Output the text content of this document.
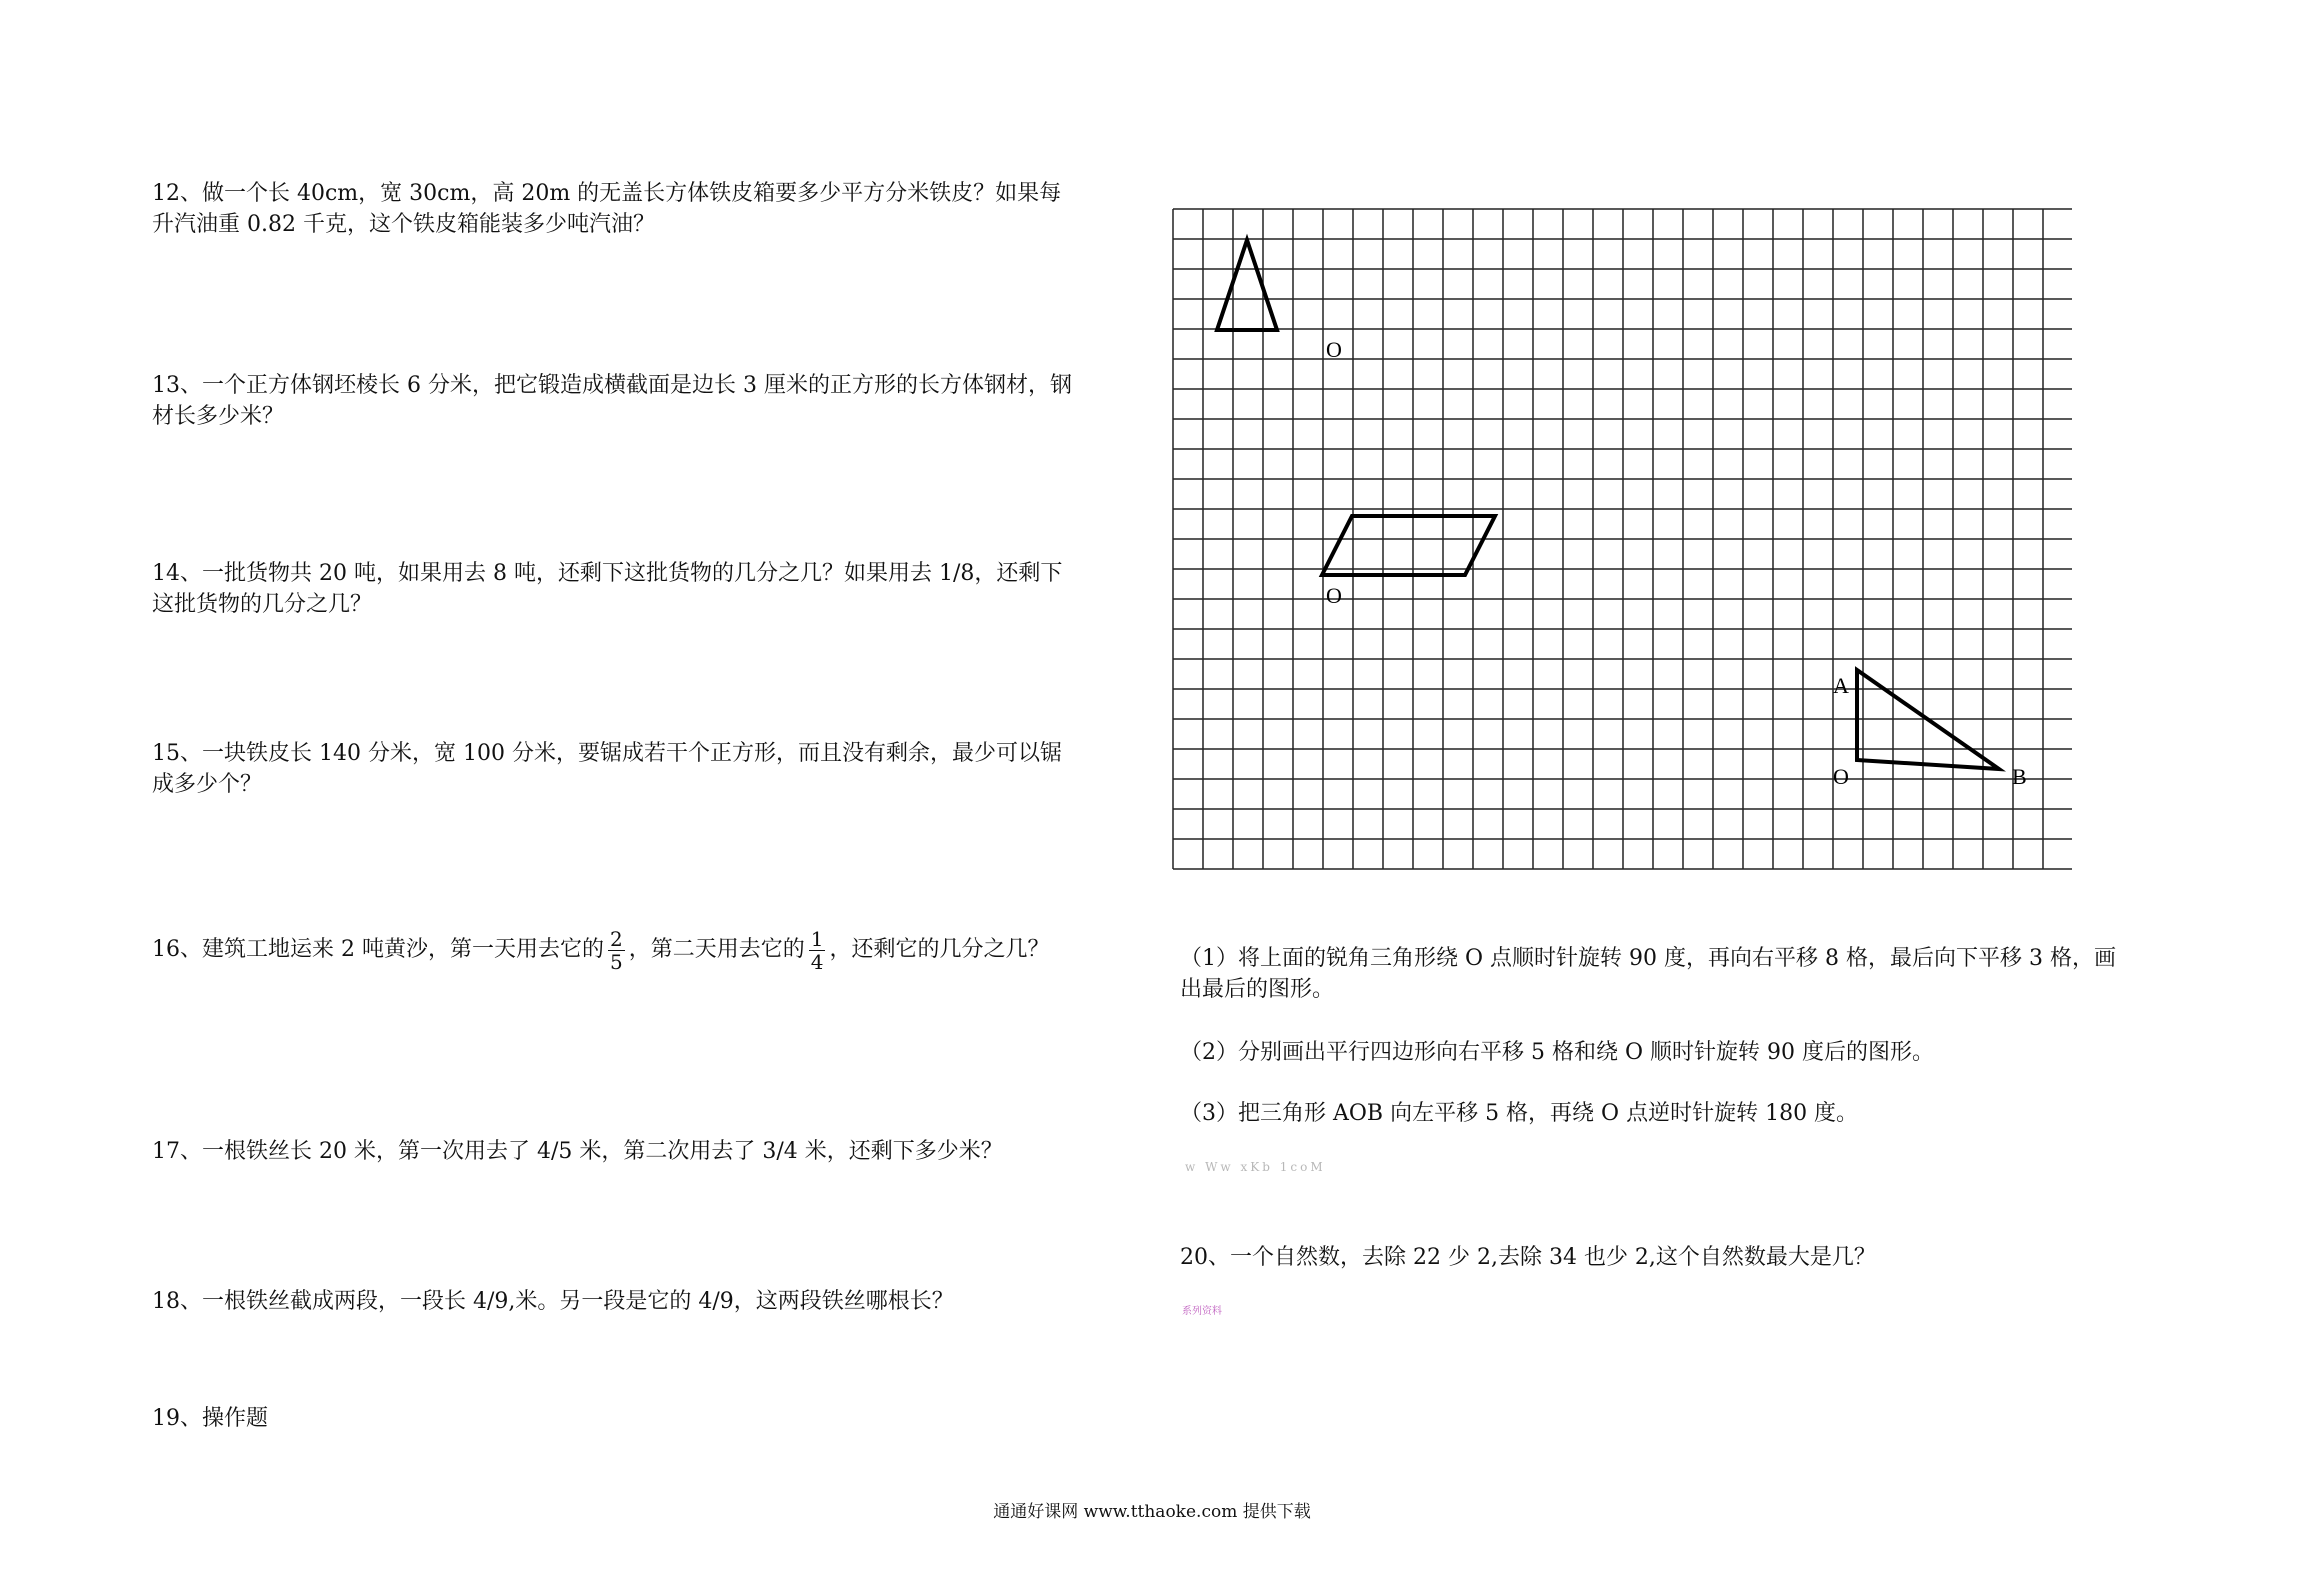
12、做一个长 40cm，宽 30cm，高 20m 的无盖长方体铁皮箱要多少平方分米铁皮？如果每升汽油重 0.82 千克，这个铁皮箱能装多少吨汽油？

13、一个正方体钢坯棱长 6 分米，把它锻造成横截面是边长 3 厘米的正方形的长方体钢材，钢材长多少米？

14、一批货物共 20 吨，如果用去 8 吨，还剩下这批货物的几分之几？如果用去 1/8，还剩下这批货物的几分之几？

15、一块铁皮长 140 分米，宽 100 分米，要锯成若干个正方形，而且没有剩余，最少可以锯成多少个？

16、建筑工地运来 2 吨黄沙，第一天用去它的 $\frac{2}{5}$ ，第二天用去它的 $\frac{1}{4}$ ，还剩它的几分之几？

17、一根铁丝长 20 米，第一次用去了 4/5 米，第二次用去了 3/4 米，还剩下多少米？

18、一根铁丝截成两段，一段长 4/9,米。另一段是它的 4/9，这两段铁丝哪根长？

19、操作题

O
O
A
O	B

（1）将上面的锐角三角形绕 O 点顺时针旋转 90 度，再向右平移 8 格，最后向下平移 3 格，画出最后的图形。

（2）分别画出平行四边形向右平移 5 格和绕 O 顺时针旋转 90 度后的图形。

（3）把三角形 AOB 向左平移 5 格，再绕 O 点逆时针旋转 180 度。

w Ww xKb 1coM

20、一个自然数，去除 22 少 2,去除 34 也少 2,这个自然数最大是几？

系列资料
通通好课网 www.tthaoke.com 提供下载
